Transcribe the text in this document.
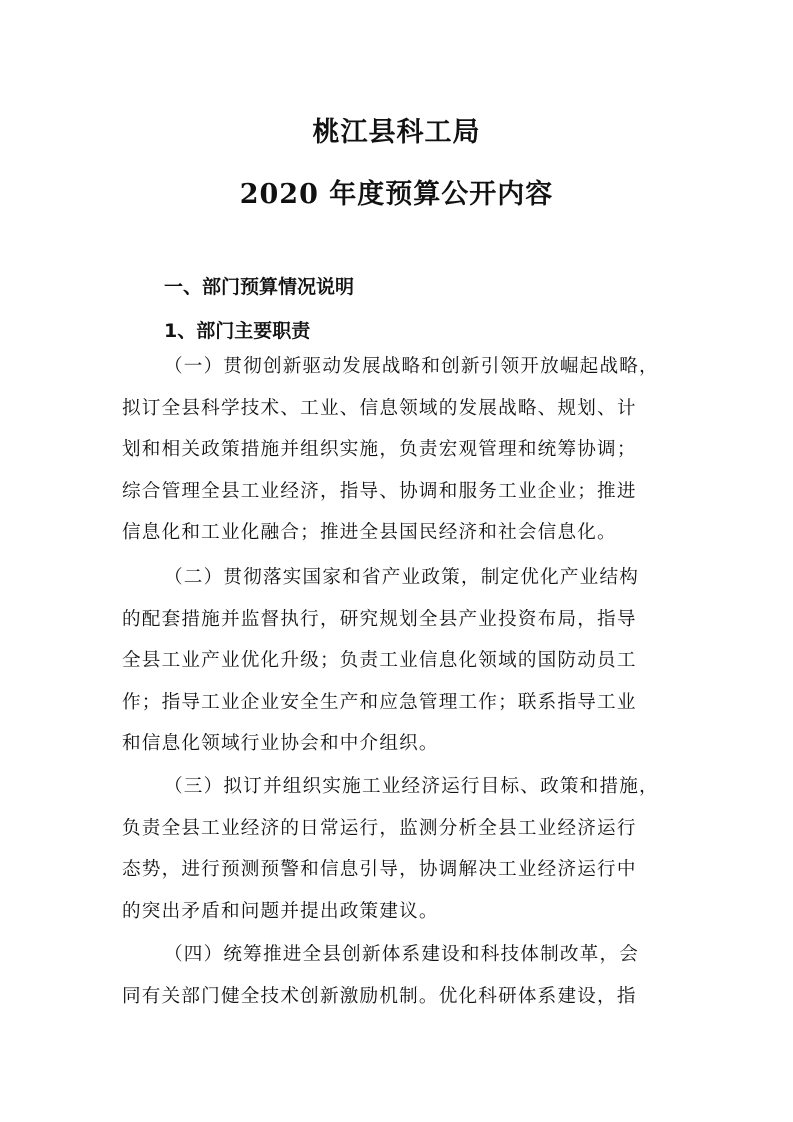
桃江县科工局
2020 年度预算公开内容
一、部门预算情况说明
1、部门主要职责
（一）贯彻创新驱动发展战略和创新引领开放崛起战略，
拟订全县科学技术、工业、信息领域的发展战略、规划、计
划和相关政策措施并组织实施，负责宏观管理和统筹协调；
综合管理全县工业经济，指导、协调和服务工业企业；推进
信息化和工业化融合；推进全县国民经济和社会信息化。
（二）贯彻落实国家和省产业政策，制定优化产业结构
的配套措施并监督执行，研究规划全县产业投资布局，指导
全县工业产业优化升级；负责工业信息化领域的国防动员工
作；指导工业企业安全生产和应急管理工作；联系指导工业
和信息化领域行业协会和中介组织。
（三）拟订并组织实施工业经济运行目标、政策和措施，
负责全县工业经济的日常运行，监测分析全县工业经济运行
态势，进行预测预警和信息引导，协调解决工业经济运行中
的突出矛盾和问题并提出政策建议。
（四）统筹推进全县创新体系建设和科技体制改革，会
同有关部门健全技术创新激励机制。优化科研体系建设，指
